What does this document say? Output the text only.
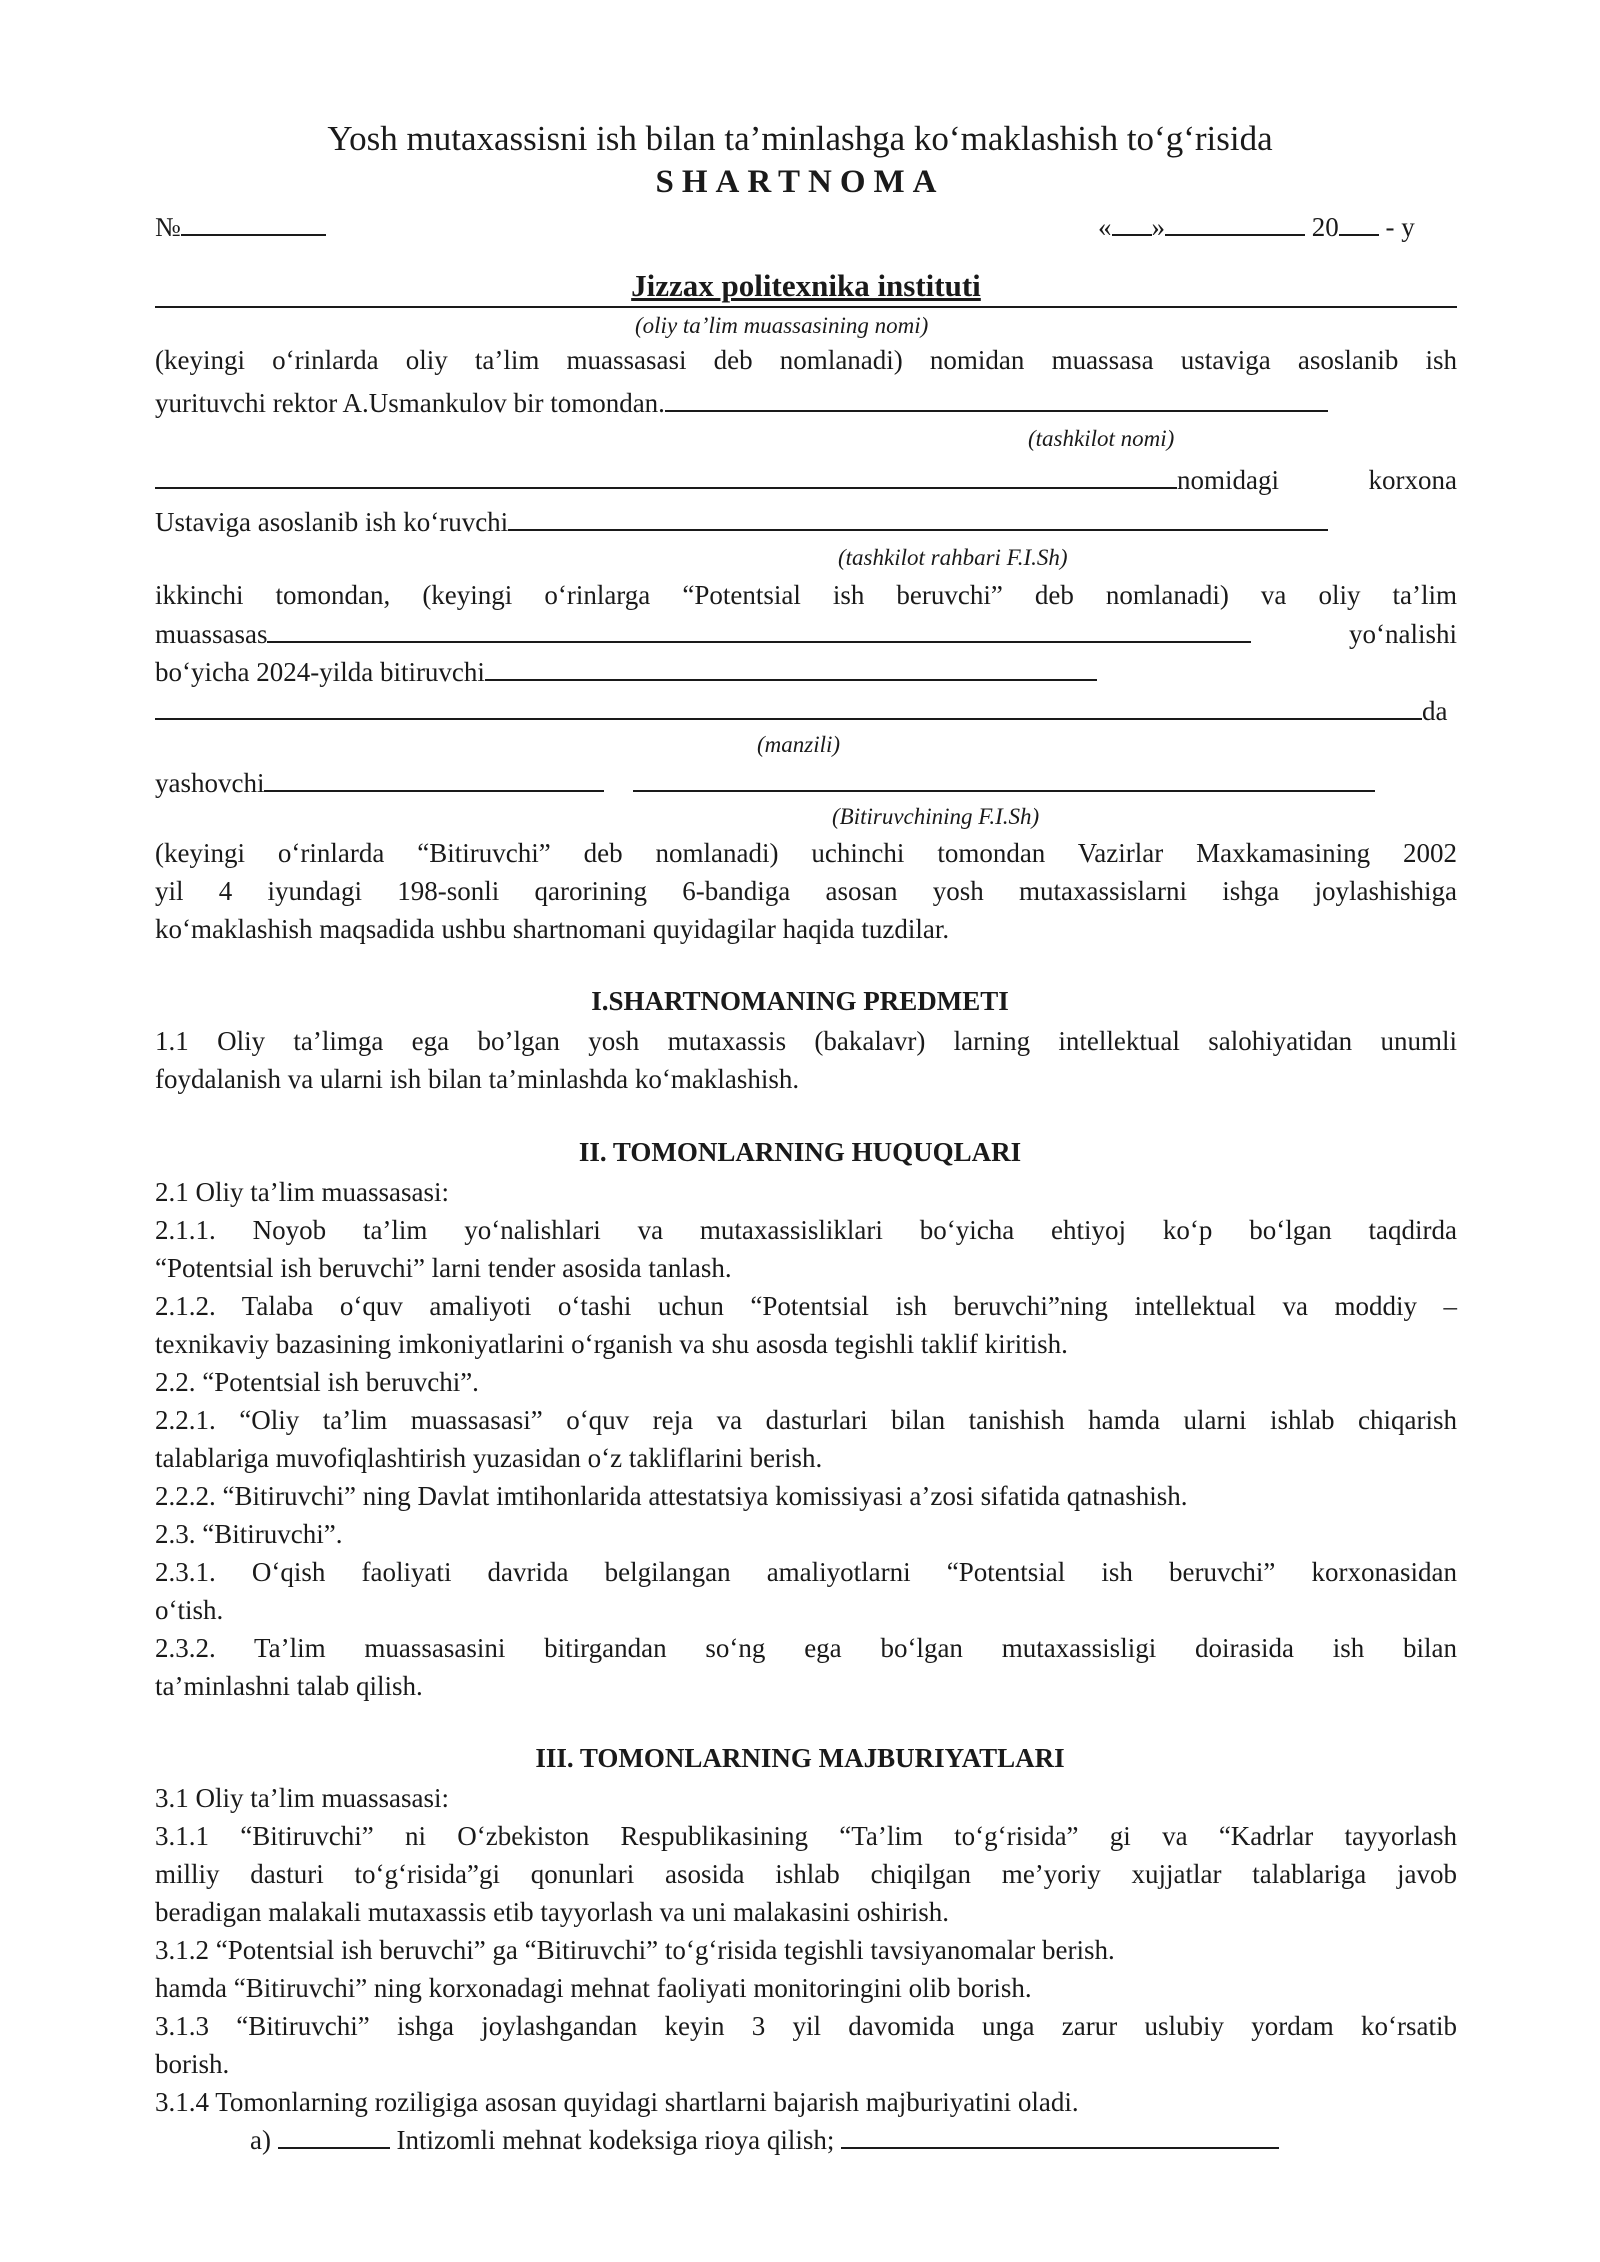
Yosh mutaxassisni ish bilan ta’minlashga ko‘maklashish to‘g‘risida
SHARTNOMA
№	« »	20 - y
Jizzax politexnika instituti
(oliy ta’lim muassasining nomi)
(keyingi o‘rinlarda oliy ta’lim muassasasi deb nomlanadi) nomidan muassasa ustaviga asoslanib ish
yurituvchi rektor A.Usmankulov bir tomondan.
(tashkilot nomi)
nomidagi	korxona
Ustaviga asoslanib ish ko‘ruvchi
(tashkilot rahbari F.I.Sh)
ikkinchi tomondan, (keyingi o‘rinlarga “Potentsial ish beruvchi” deb nomlanadi) va oliy ta’lim
muassasas	yo‘nalishi
bo‘yicha 2024-yilda bitiruvchi
da
(manzili)
yashovchi
(Bitiruvchining F.I.Sh)
(keyingi o‘rinlarda “Bitiruvchi” deb nomlanadi) uchinchi tomondan Vazirlar Maxkamasining 2002
yil 4 iyundagi 198-sonli qarorining 6-bandiga asosan yosh mutaxassislarni ishga joylashishiga
ko‘maklashish maqsadida ushbu shartnomani quyidagilar haqida tuzdilar.
I.SHARTNOMANING PREDMETI
1.1 Oliy ta’limga ega bo’lgan yosh mutaxassis (bakalavr) larning intellektual salohiyatidan unumli
foydalanish va ularni ish bilan ta’minlashda ko‘maklashish.
II. TOMONLARNING HUQUQLARI
2.1 Oliy ta’lim muassasasi:
2.1.1. Noyob ta’lim yo‘nalishlari va mutaxassisliklari bo‘yicha ehtiyoj ko‘p bo‘lgan taqdirda
“Potentsial ish beruvchi” larni tender asosida tanlash.
2.1.2. Talaba o‘quv amaliyoti o‘tashi uchun “Potentsial ish beruvchi”ning intellektual va moddiy –
texnikaviy bazasining imkoniyatlarini o‘rganish va shu asosda tegishli taklif kiritish.
2.2. “Potentsial ish beruvchi”.
2.2.1. “Oliy ta’lim muassasasi” o‘quv reja va dasturlari bilan tanishish hamda ularni ishlab chiqarish
talablariga muvofiqlashtirish yuzasidan o‘z takliflarini berish.
2.2.2. “Bitiruvchi” ning Davlat imtihonlarida attestatsiya komissiyasi a’zosi sifatida qatnashish.
2.3. “Bitiruvchi”.
2.3.1. O‘qish faoliyati davrida belgilangan amaliyotlarni “Potentsial ish beruvchi” korxonasidan
o‘tish.
2.3.2. Ta’lim muassasasini bitirgandan so‘ng ega bo‘lgan mutaxassisligi doirasida ish bilan
ta’minlashni talab qilish.
III. TOMONLARNING MAJBURIYATLARI
3.1 Oliy ta’lim muassasasi:
3.1.1 “Bitiruvchi” ni O‘zbekiston Respublikasining “Ta’lim to‘g‘risida” gi va “Kadrlar tayyorlash
milliy dasturi to‘g‘risida”gi qonunlari asosida ishlab chiqilgan me’yoriy xujjatlar talablariga javob
beradigan malakali mutaxassis etib tayyorlash va uni malakasini oshirish.
3.1.2 “Potentsial ish beruvchi” ga “Bitiruvchi” to‘g‘risida tegishli tavsiyanomalar berish.
hamda “Bitiruvchi” ning korxonadagi mehnat faoliyati monitoringini olib borish.
3.1.3 “Bitiruvchi” ishga joylashgandan keyin 3 yil davomida unga zarur uslubiy yordam ko‘rsatib
borish.
3.1.4 Tomonlarning roziligiga asosan quyidagi shartlarni bajarish majburiyatini oladi.
a)	Intizomli mehnat kodeksiga rioya qilish;
